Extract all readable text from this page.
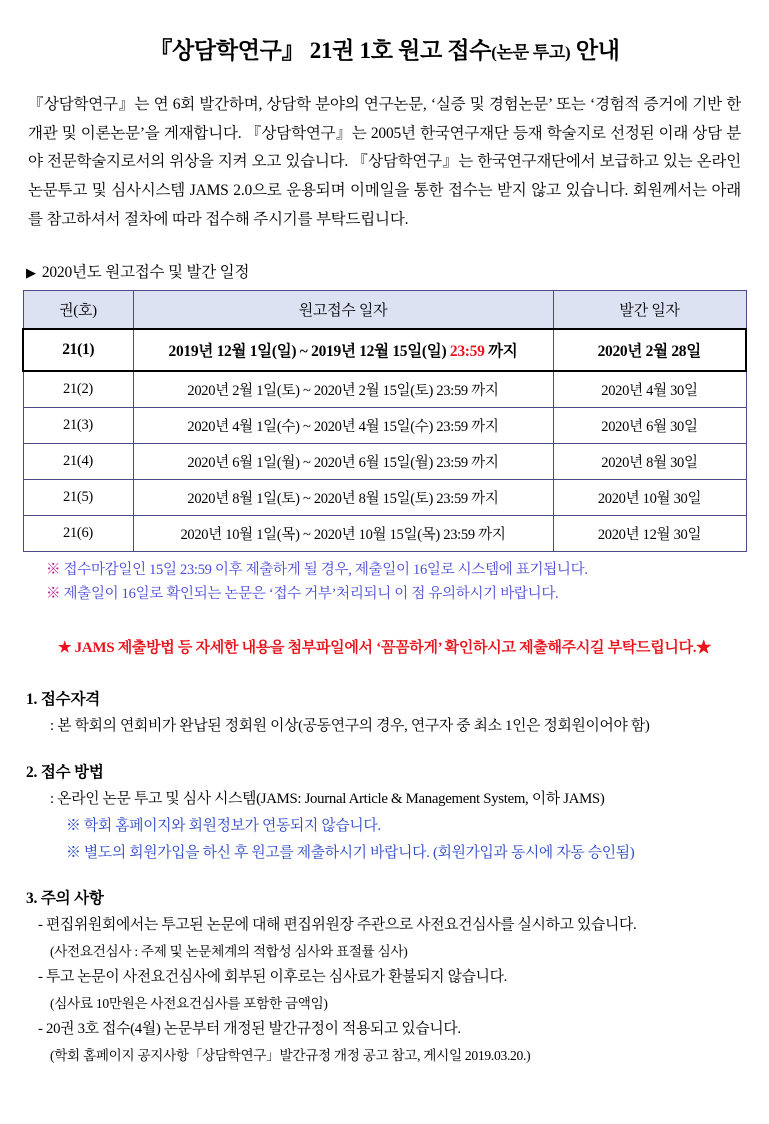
『상담학연구』 21권 1호 원고 접수(논문 투고) 안내

『상담학연구』는 연 6회 발간하며, 상담학 분야의 연구논문, ‘실증 및 경험논문’ 또는 ‘경험적 증거에 기반 한 개관 및 이론논문’을 게재합니다. 『상담학연구』는 2005년 한국연구재단 등재 학술지로 선정된 이래 상담 분야 전문학술지로서의 위상을 지켜 오고 있습니다. 『상담학연구』는 한국연구재단에서 보급하고 있는 온라인 논문투고 및 심사시스템 JAMS 2.0으로 운용되며 이메일을 통한 접수는 받지 않고 있습니다. 회원께서는 아래를 참고하셔서 절차에 따라 접수해 주시기를 부탁드립니다.

▶ 2020년도 원고접수 및 발간 일정
권(호)	원고접수 일자	발간 일자
21(1)	2019년 12월 1일(일) ~ 2019년 12월 15일(일) 23:59 까지	2020년 2월 28일
21(2)	2020년 2월 1일(토) ~ 2020년 2월 15일(토) 23:59 까지	2020년 4월 30일
21(3)	2020년 4월 1일(수) ~ 2020년 4월 15일(수) 23:59 까지	2020년 6월 30일
21(4)	2020년 6월 1일(월) ~ 2020년 6월 15일(월) 23:59 까지	2020년 8월 30일
21(5)	2020년 8월 1일(토) ~ 2020년 8월 15일(토) 23:59 까지	2020년 10월 30일
21(6)	2020년 10월 1일(목) ~ 2020년 10월 15일(목) 23:59 까지	2020년 12월 30일
※ 접수마감일인 15일 23:59 이후 제출하게 될 경우, 제출일이 16일로 시스템에 표기됩니다.
※ 제출일이 16일로 확인되는 논문은 ‘접수 거부’처리되니 이 점 유의하시기 바랍니다.
★ JAMS 제출방법 등 자세한 내용을 첨부파일에서 ‘꼼꼼하게’ 확인하시고 제출해주시길 부탁드립니다.★
1. 접수자격
: 본 학회의 연회비가 완납된 정회원 이상(공동연구의 경우, 연구자 중 최소 1인은 정회원이어야 함)
2. 접수 방법
: 온라인 논문 투고 및 심사 시스템(JAMS: Journal Article & Management System, 이하 JAMS)
※ 학회 홈페이지와 회원정보가 연동되지 않습니다.
※ 별도의 회원가입을 하신 후 원고를 제출하시기 바랍니다. (회원가입과 동시에 자동 승인됨)
3. 주의 사항
- 편집위원회에서는 투고된 논문에 대해 편집위원장 주관으로 사전요건심사를 실시하고 있습니다.
(사전요건심사 : 주제 및 논문체계의 적합성 심사와 표절률 심사)
- 투고 논문이 사전요건심사에 회부된 이후로는 심사료가 환불되지 않습니다.
(심사료 10만원은 사전요건심사를 포함한 금액임)
- 20권 3호 접수(4월) 논문부터 개정된 발간규정이 적용되고 있습니다.
(학회 홈페이지 공지사항「상담학연구」발간규정 개정 공고 참고, 게시일 2019.03.20.)
